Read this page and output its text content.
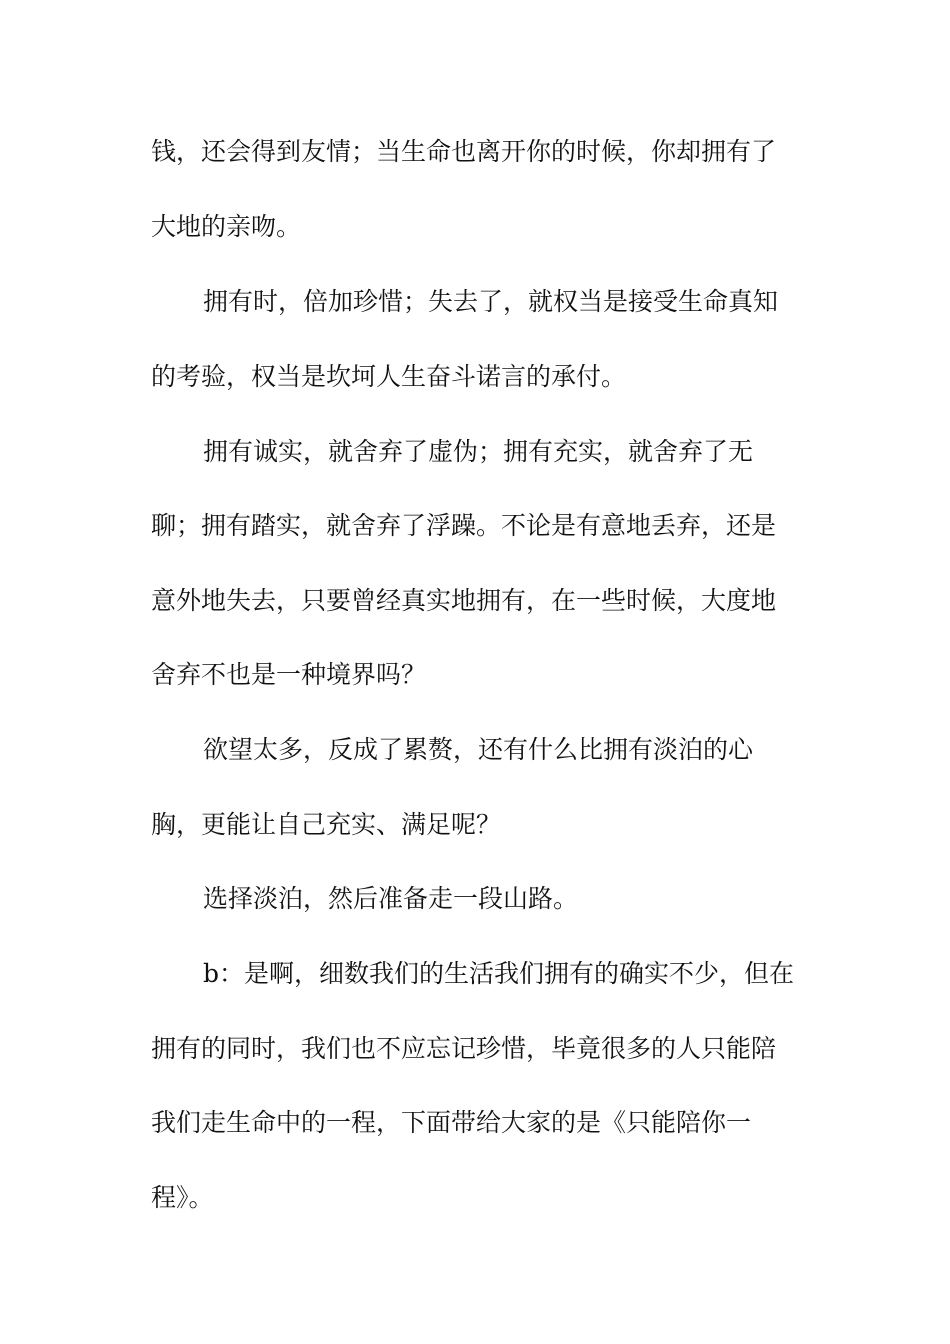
钱，还会得到友情；当生命也离开你的时候，你却拥有了
大地的亲吻。
拥有时，倍加珍惜；失去了，就权当是接受生命真知
的考验，权当是坎坷人生奋斗诺言的承付。
拥有诚实，就舍弃了虚伪；拥有充实，就舍弃了无
聊；拥有踏实，就舍弃了浮躁。不论是有意地丢弃，还是
意外地失去，只要曾经真实地拥有，在一些时候，大度地
舍弃不也是一种境界吗？
欲望太多，反成了累赘，还有什么比拥有淡泊的心
胸，更能让自己充实、满足呢？
选择淡泊，然后准备走一段山路。
b：是啊，细数我们的生活我们拥有的确实不少，但在
拥有的同时，我们也不应忘记珍惜，毕竟很多的人只能陪
我们走生命中的一程，下面带给大家的是《只能陪你一
程》。
